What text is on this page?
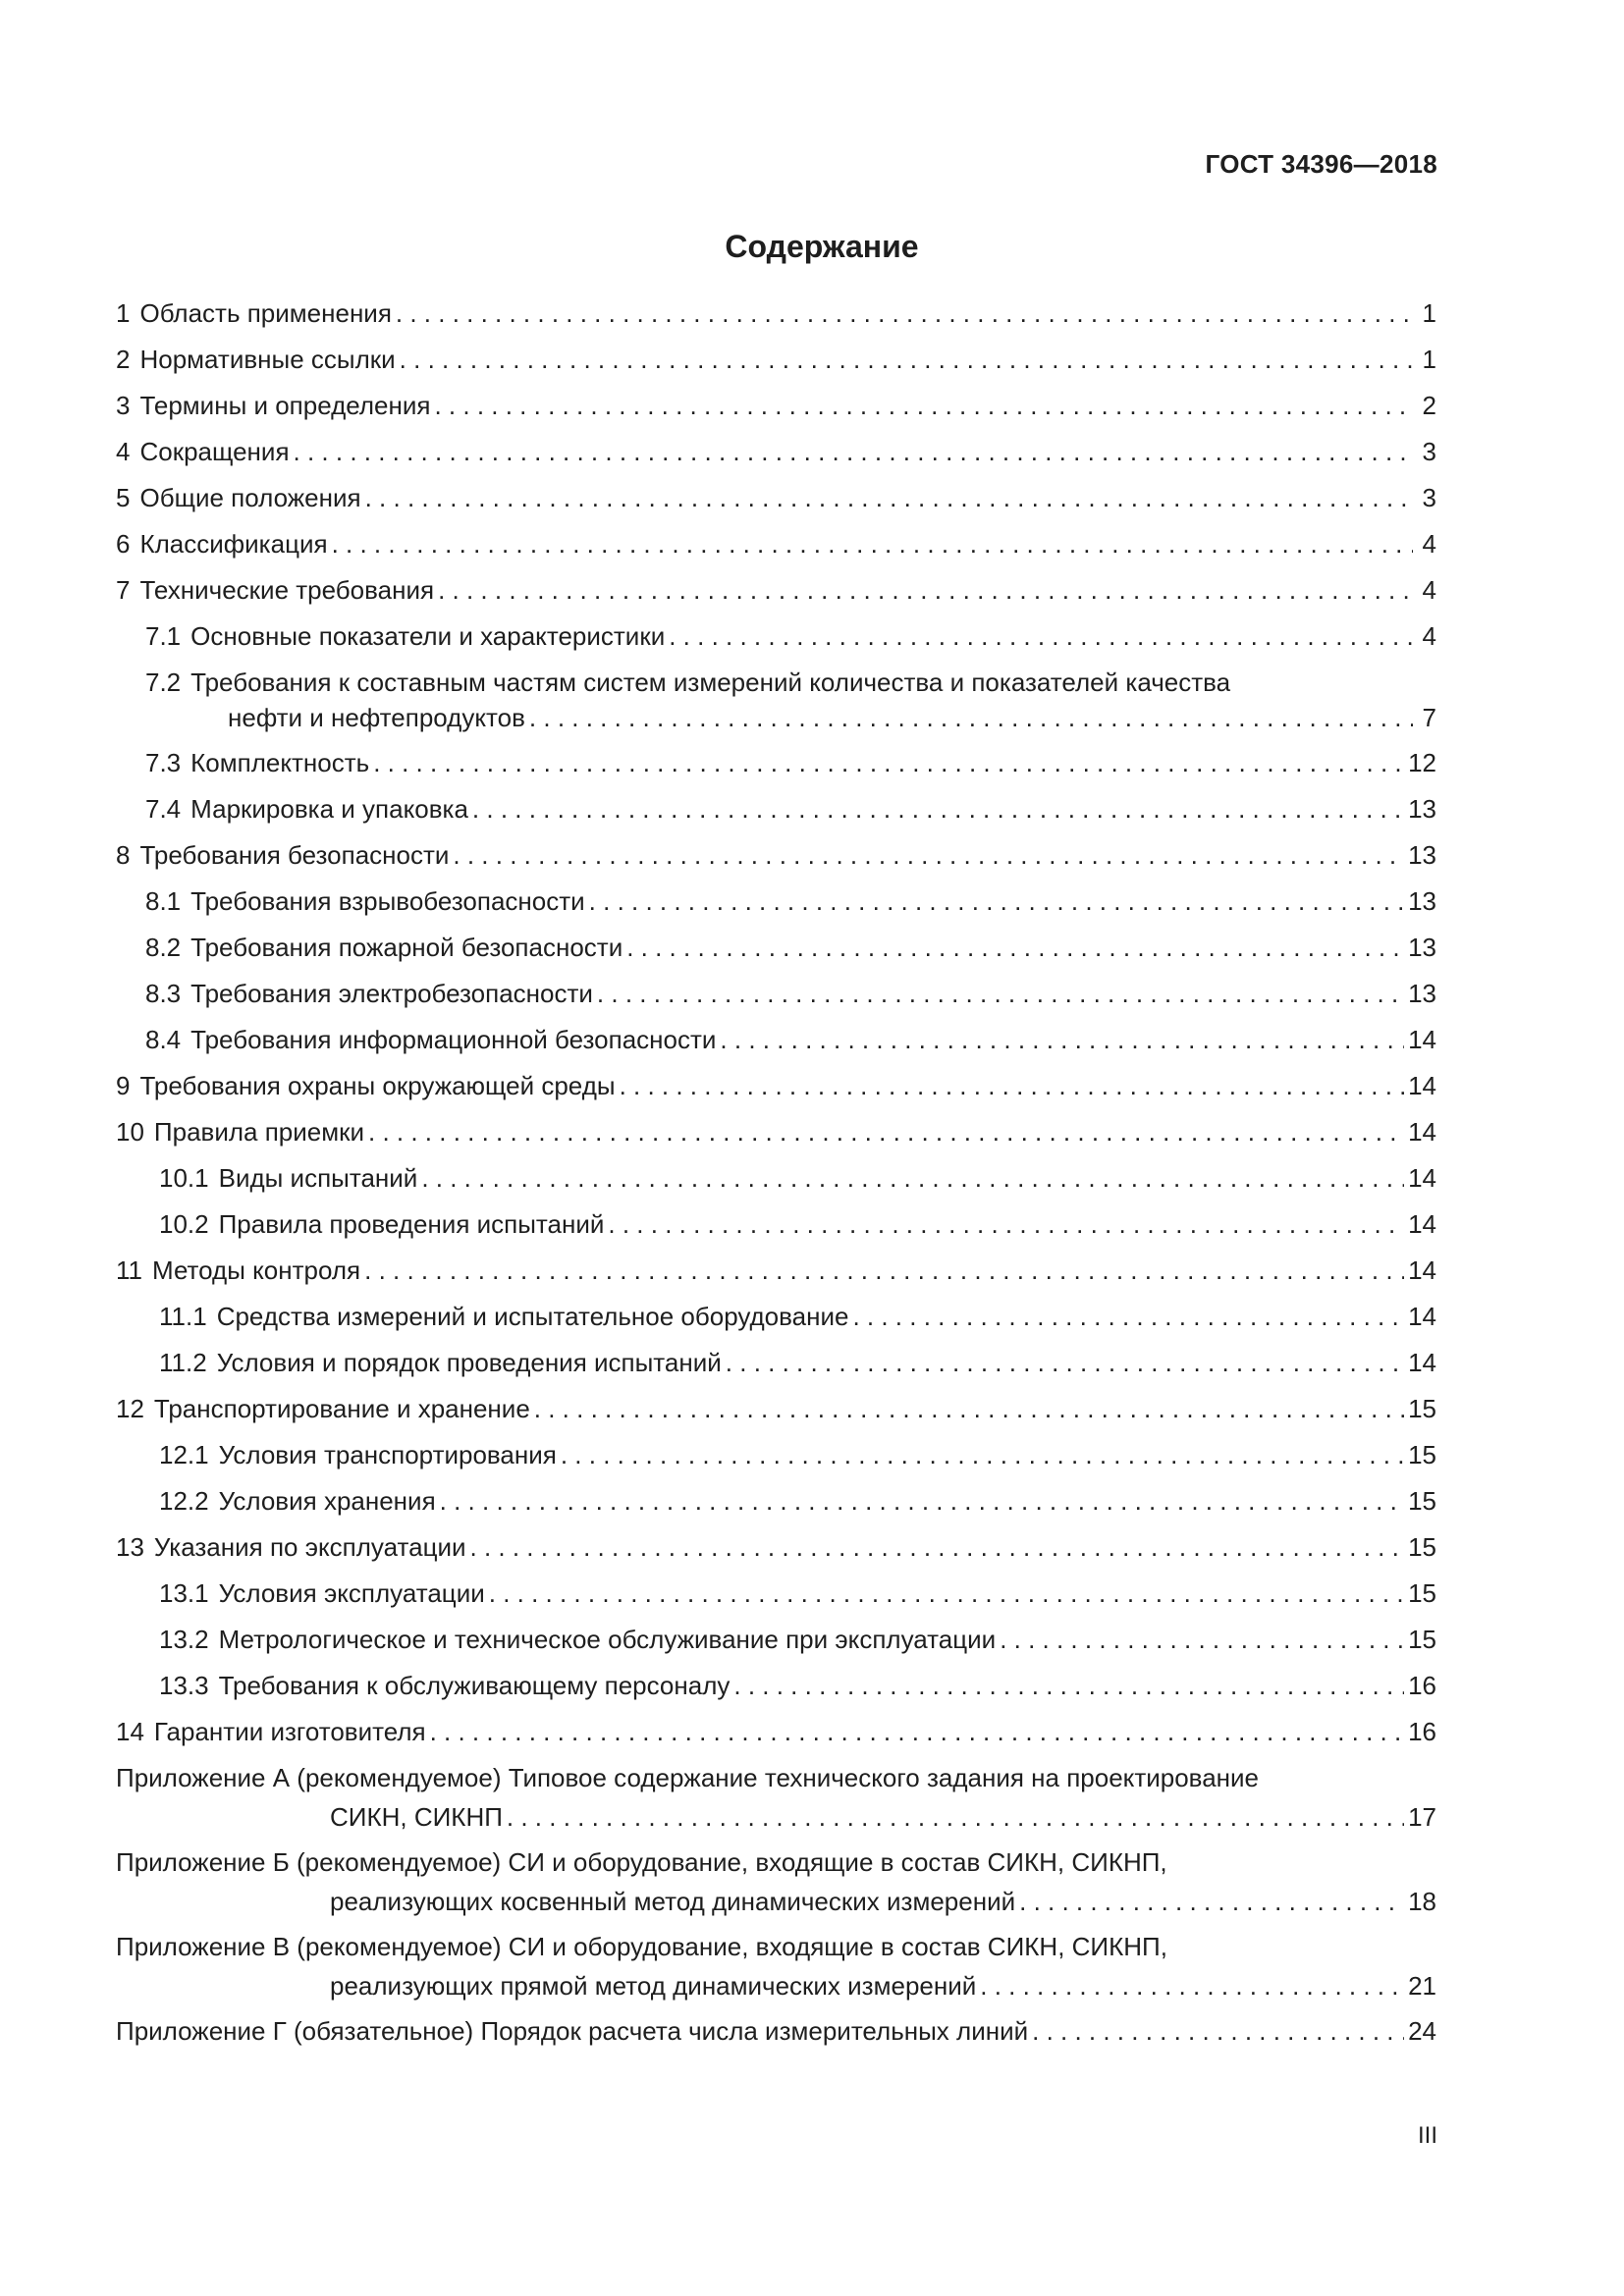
ГОСТ 34396—2018
Содержание
1 Область применения . . .	1
2 Нормативные ссылки . . .	1
3 Термины и определения . . .	2
4 Сокращения . . .	3
5 Общие положения . . .	3
6 Классификация . . .	4
7 Технические требования . . .	4
7.1 Основные показатели и характеристики . . .	4
7.2 Требования к составным частям систем измерений количества и показателей качества
нефти и нефтепродуктов . . .	7
7.3 Комплектность . . .	12
7.4 Маркировка и упаковка . . .	13
8 Требования безопасности . . .	13
8.1 Требования взрывобезопасности . . .	13
8.2 Требования пожарной безопасности . . .	13
8.3 Требования электробезопасности . . .	13
8.4 Требования информационной безопасности . . .	14
9 Требования охраны окружающей среды . . .	14
10 Правила приемки . . .	14
10.1 Виды испытаний . . .	14
10.2 Правила проведения испытаний . . .	14
11 Методы контроля . . .	14
11.1 Средства измерений и испытательное оборудование . . .	14
11.2 Условия и порядок проведения испытаний . . .	14
12 Транспортирование и хранение . . .	15
12.1 Условия транспортирования . . .	15
12.2 Условия хранения . . .	15
13 Указания по эксплуатации . . .	15
13.1 Условия эксплуатации . . .	15
13.2 Метрологическое и техническое обслуживание при эксплуатации . . .	15
13.3 Требования к обслуживающему персоналу . . .	16
14 Гарантии изготовителя . . .	16
Приложение А (рекомендуемое) Типовое содержание технического задания на проектирование
СИКН, СИКНП . . .	17
Приложение Б (рекомендуемое) СИ и оборудование, входящие в состав СИКН, СИКНП,
реализующих косвенный метод динамических измерений . . .	18
Приложение В (рекомендуемое) СИ и оборудование, входящие в состав СИКН, СИКНП,
реализующих прямой метод динамических измерений . . .	21
Приложение Г (обязательное) Порядок расчета числа измерительных линий . . .	24
III
